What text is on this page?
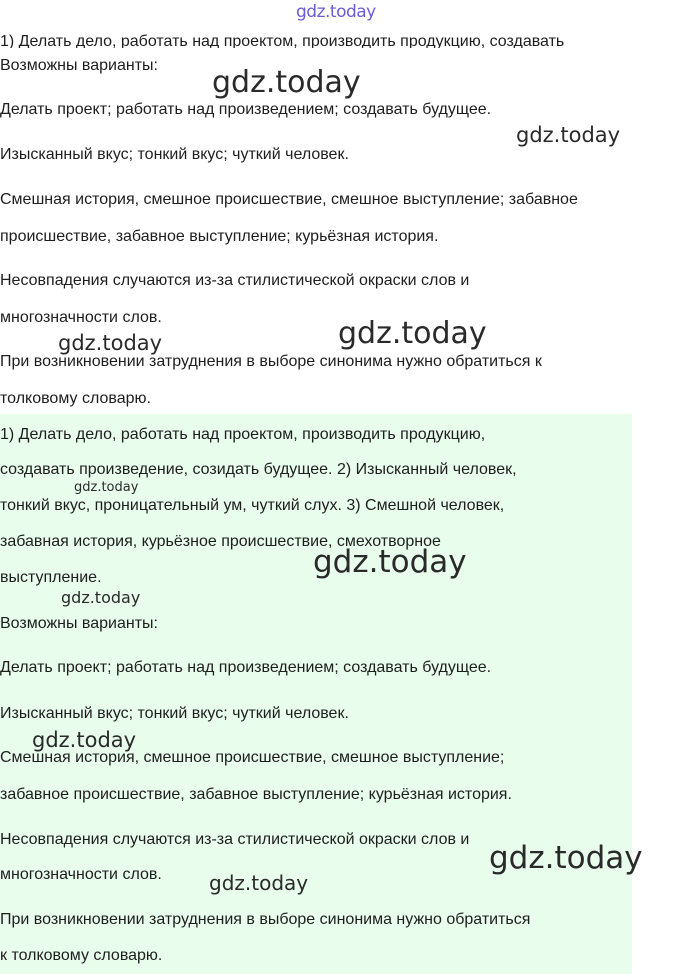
gdz.today

1) Делать дело, работать над проектом, производить продукцию, создавать

Возможны варианты:

Делать проект; работать над произведением; создавать будущее.

Изысканный вкус; тонкий вкус; чуткий человек.

Смешная история, смешное происшествие, смешное выступление; забавное

происшествие, забавное выступление; курьёзная история.

Несовпадения случаются из-за стилистической окраски слов и

многозначности слов.

При возникновении затруднения в выборе синонима нужно обратиться к

толковому словарю.

1) Делать дело, работать над проектом, производить продукцию,

создавать произведение, созидать будущее. 2) Изысканный человек,

тонкий вкус, проницательный ум, чуткий слух. 3) Смешной человек,

забавная история, курьёзное происшествие, смехотворное

выступление.

Возможны варианты:

Делать проект; работать над произведением; создавать будущее.

Изысканный вкус; тонкий вкус; чуткий человек.

Смешная история, смешное происшествие, смешное выступление;

забавное происшествие, забавное выступление; курьёзная история.

Несовпадения случаются из-за стилистической окраски слов и

многозначности слов.

При возникновении затруднения в выборе синонима нужно обратиться

к толковому словарю.

gdz.today
gdz.today
gdz.today
gdz.today
gdz.today
gdz.today
gdz.today
gdz.today
gdz.today
gdz.today
